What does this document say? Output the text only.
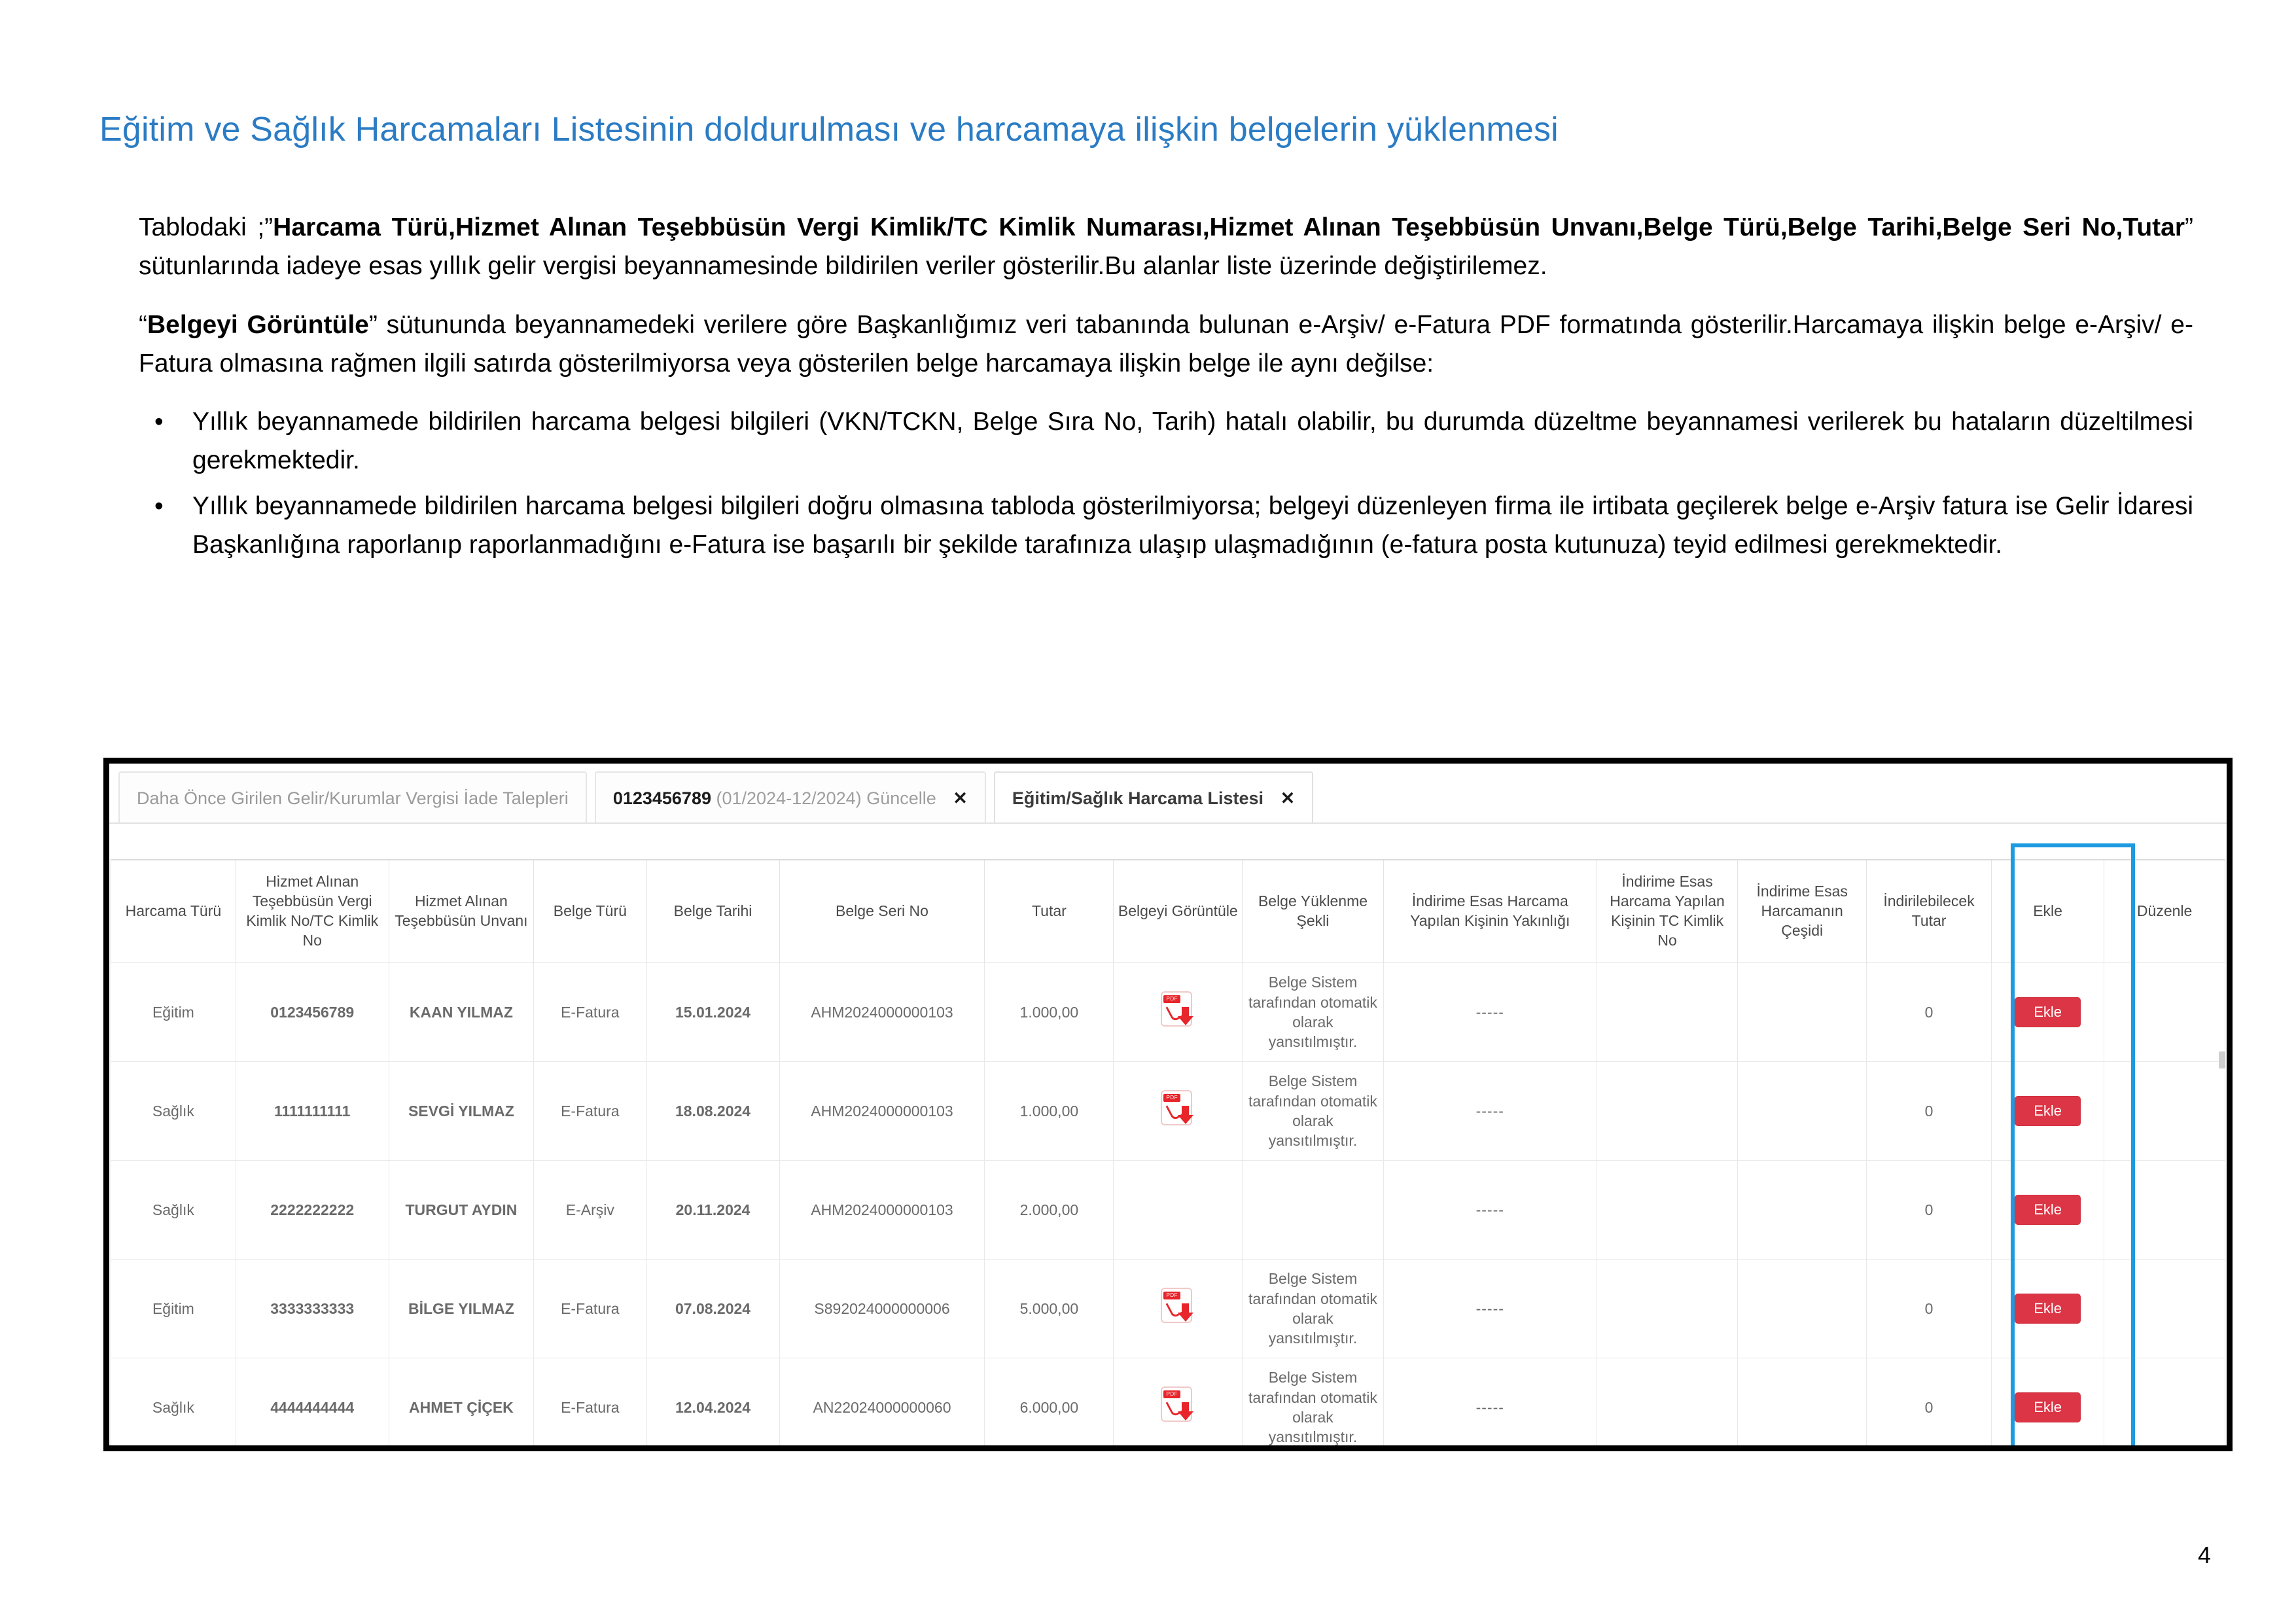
Eğitim ve Sağlık Harcamaları Listesinin doldurulması ve harcamaya ilişkin belgelerin yüklenmesi

Tablodaki ;”Harcama Türü,Hizmet Alınan Teşebbüsün Vergi Kimlik/TC Kimlik Numarası,Hizmet Alınan Teşebbüsün Unvanı,Belge Türü,Belge Tarihi,Belge Seri No,Tutar” sütunlarında iadeye esas yıllık gelir vergisi beyannamesinde bildirilen veriler gösterilir.Bu alanlar liste üzerinde değiştirilemez.

“Belgeyi Görüntüle” sütununda beyannamedeki verilere göre Başkanlığımız veri tabanında bulunan e-Arşiv/ e-Fatura PDF formatında gösterilir.Harcamaya ilişkin belge e-Arşiv/ e-Fatura olmasına rağmen ilgili satırda gösterilmiyorsa veya gösterilen belge harcamaya ilişkin belge ile aynı değilse:

• Yıllık beyannamede bildirilen harcama belgesi bilgileri (VKN/TCKN, Belge Sıra No, Tarih) hatalı olabilir, bu durumda düzeltme beyannamesi verilerek bu hataların düzeltilmesi gerekmektedir.
• Yıllık beyannamede bildirilen harcama belgesi bilgileri doğru olmasına tabloda gösterilmiyorsa; belgeyi düzenleyen firma ile irtibata geçilerek belge e-Arşiv fatura ise Gelir İdaresi Başkanlığına raporlanıp raporlanmadığını e-Fatura ise başarılı bir şekilde tarafınıza ulaşıp ulaşmadığının (e-fatura posta kutunuza) teyid edilmesi gerekmektedir.
Daha Önce Girilen Gelir/Kurumlar Vergisi İade Talepleri	0123456789 (01/2024-12/2024) Güncelle ✕	Eğitim/Sağlık Harcama Listesi ✕
Harcama Türü	Hizmet Alınan Teşebbüsün Vergi Kimlik No/TC Kimlik No	Hizmet Alınan Teşebbüsün Unvanı	Belge Türü	Belge Tarihi	Belge Seri No	Tutar	Belgeyi Görüntüle	Belge Yüklenme Şekli	İndirime Esas Harcama Yapılan Kişinin Yakınlığı	İndirime Esas Harcama Yapılan Kişinin TC Kimlik No	İndirime Esas Harcamanın Çeşidi	İndirilebilecek Tutar	Ekle	Düzenle
Eğitim	0123456789	KAAN YILMAZ	E-Fatura	15.01.2024	AHM2024000000103	1.000,00	PDF	Belge Sistem tarafından otomatik olarak yansıtılmıştır.	-----			0	Ekle	
Sağlık	1111111111	SEVGİ YILMAZ	E-Fatura	18.08.2024	AHM2024000000103	1.000,00	PDF	Belge Sistem tarafından otomatik olarak yansıtılmıştır.	-----			0	Ekle	
Sağlık	2222222222	TURGUT AYDIN	E-Arşiv	20.11.2024	AHM2024000000103	2.000,00			-----			0	Ekle	
Eğitim	3333333333	BİLGE YILMAZ	E-Fatura	07.08.2024	S892024000000006	5.000,00	PDF	Belge Sistem tarafından otomatik olarak yansıtılmıştır.	-----			0	Ekle	
Sağlık	4444444444	AHMET ÇİÇEK	E-Fatura	12.04.2024	AN22024000000060	6.000,00	PDF	Belge Sistem tarafından otomatik olarak yansıtılmıştır.	-----			0	Ekle	
4
